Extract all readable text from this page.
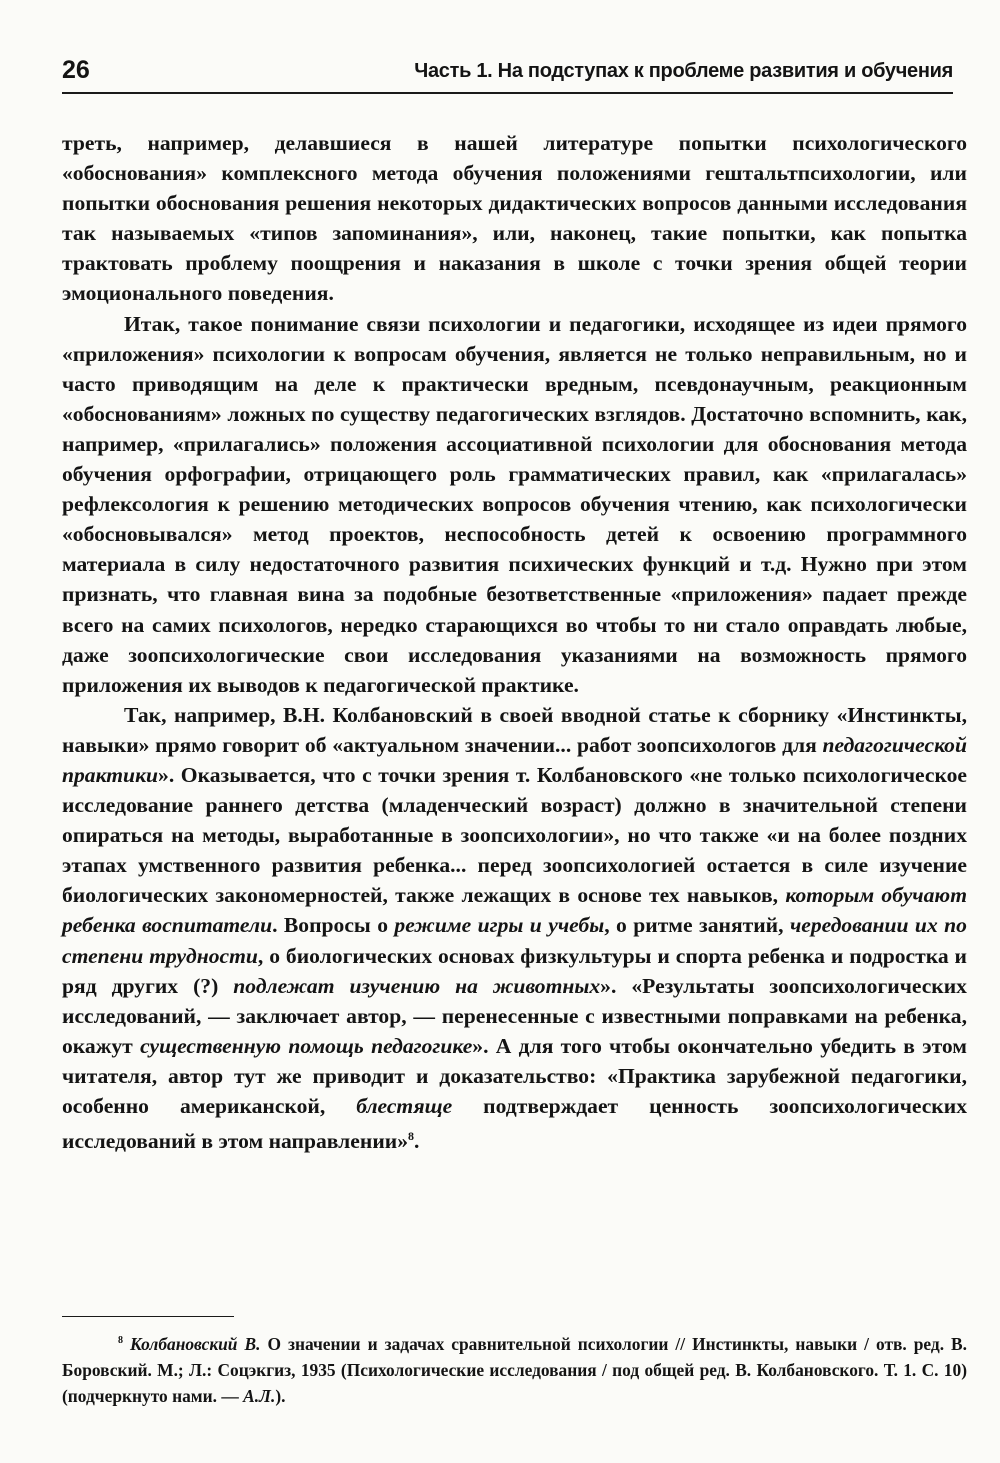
26	Часть 1. На подступах к проблеме развития и обучения

треть, например, делавшиеся в нашей литературе попытки психологического «обоснования» комплексного метода обучения положениями гештальтпсихологии, или попытки обоснования решения некоторых дидактических вопросов данными исследования так называемых «типов запоминания», или, наконец, такие попытки, как попытка трактовать проблему поощрения и наказания в школе с точки зрения общей теории эмоционального поведения.

Итак, такое понимание связи психологии и педагогики, исходящее из идеи прямого «приложения» психологии к вопросам обучения, является не только неправильным, но и часто приводящим на деле к практически вредным, псевдонаучным, реакционным «обоснованиям» ложных по существу педагогических взглядов. Достаточно вспомнить, как, например, «прилагались» положения ассоциативной психологии для обоснования метода обучения орфографии, отрицающего роль грамматических правил, как «прилагалась» рефлексология к решению методических вопросов обучения чтению, как психологически «обосновывался» метод проектов, неспособность детей к освоению программного материала в силу недостаточного развития психических функций и т.д. Нужно при этом признать, что главная вина за подобные безответственные «приложения» падает прежде всего на самих психологов, нередко старающихся во чтобы то ни стало оправдать любые, даже зоопсихологические свои исследования указаниями на возможность прямого приложения их выводов к педагогической практике.

Так, например, В.Н. Колбановский в своей вводной статье к сборнику «Инстинкты, навыки» прямо говорит об «актуальном значении... работ зоопсихологов для педагогической практики». Оказывается, что с точки зрения т. Колбановского «не только психологическое исследование раннего детства (младенческий возраст) должно в значительной степени опираться на методы, выработанные в зоопсихологии», но что также «и на более поздних этапах умственного развития ребенка... перед зоопсихологией остается в силе изучение биологических закономерностей, также лежащих в основе тех навыков, которым обучают ребенка воспитатели. Вопросы о режиме игры и учебы, о ритме занятий, чередовании их по степени трудности, о биологических основах физкультуры и спорта ребенка и подростка и ряд других (?) подлежат изучению на животных». «Результаты зоопсихологических исследований, — заключает автор, — перенесенные с известными поправками на ребенка, окажут существенную помощь педагогике». А для того чтобы окончательно убедить в этом читателя, автор тут же приводит и доказательство: «Практика зарубежной педагогики, особенно американской, блестяще подтверждает ценность зоопсихологических исследований в этом направлении»$^8$.

$^8$ Колбановский В. О значении и задачах сравнительной психологии // Инстинкты, навыки / отв. ред. В. Боровский. М.; Л.: Соцэкгиз, 1935 (Психологические исследования / под общей ред. В. Колбановского. Т. 1. С. 10) (подчеркнуто нами. — А.Л.).
